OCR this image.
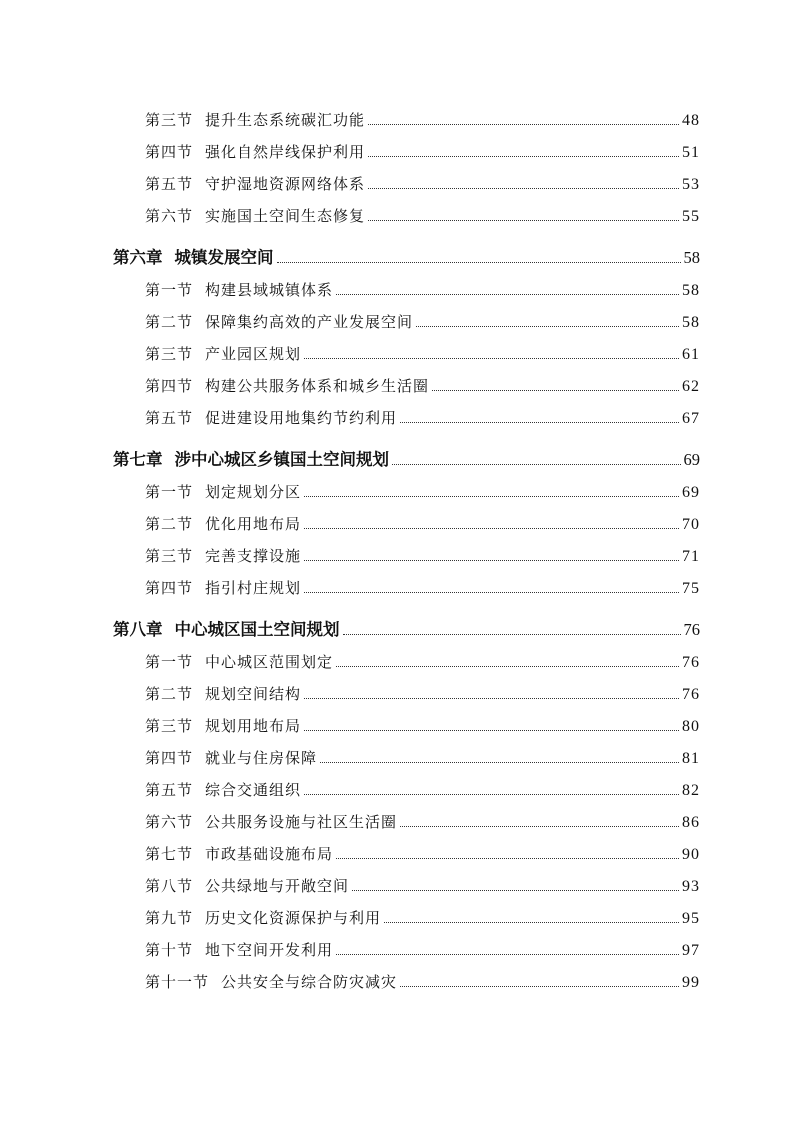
第三节 提升生态系统碳汇功能	48
第四节 强化自然岸线保护利用	51
第五节 守护湿地资源网络体系	53
第六节 实施国土空间生态修复	55
第六章 城镇发展空间	58
第一节 构建县域城镇体系	58
第二节 保障集约高效的产业发展空间	58
第三节 产业园区规划	61
第四节 构建公共服务体系和城乡生活圈	62
第五节 促进建设用地集约节约利用	67
第七章 涉中心城区乡镇国土空间规划	69
第一节 划定规划分区	69
第二节 优化用地布局	70
第三节 完善支撑设施	71
第四节 指引村庄规划	75
第八章 中心城区国土空间规划	76
第一节 中心城区范围划定	76
第二节 规划空间结构	76
第三节 规划用地布局	80
第四节 就业与住房保障	81
第五节 综合交通组织	82
第六节 公共服务设施与社区生活圈	86
第七节 市政基础设施布局	90
第八节 公共绿地与开敞空间	93
第九节 历史文化资源保护与利用	95
第十节 地下空间开发利用	97
第十一节 公共安全与综合防灾减灾	99
